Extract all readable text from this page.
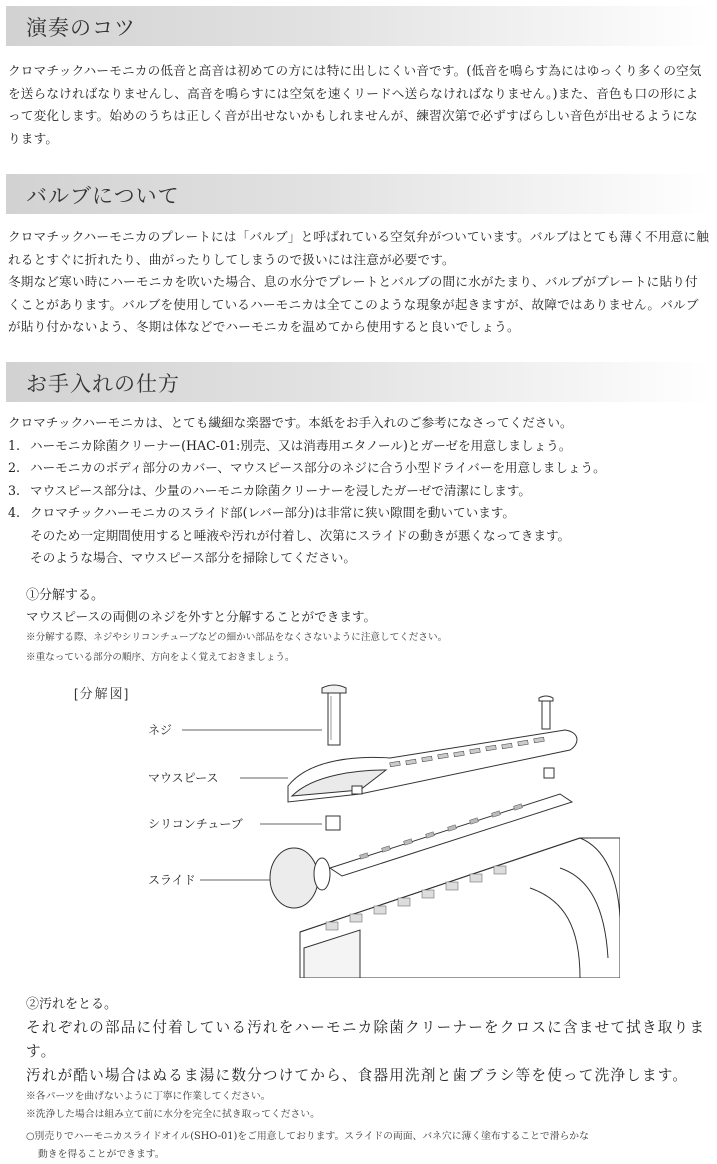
演奏のコツ

クロマチックハーモニカの低音と高音は初めての方には特に出しにくい音です。(低音を鳴らす為にはゆっくり多くの空気を送らなければなりませんし、高音を鳴らすには空気を速くリードへ送らなければなりません。)また、音色も口の形によって変化します。始めのうちは正しく音が出せないかもしれませんが、練習次第で必ずすばらしい音色が出せるようになります。

バルブについて

クロマチックハーモニカのプレートには「バルブ」と呼ばれている空気弁がついています。バルブはとても薄く不用意に触れるとすぐに折れたり、曲がったりしてしまうので扱いには注意が必要です。

冬期など寒い時にハーモニカを吹いた場合、息の水分でプレートとバルブの間に水がたまり、バルブがプレートに貼り付くことがあります。バルブを使用しているハーモニカは全てこのような現象が起きますが、故障ではありません。バルブが貼り付かないよう、冬期は体などでハーモニカを温めてから使用すると良いでしょう。

お手入れの仕方
クロマチックハーモニカは、とても繊細な楽器です。本紙をお手入れのご参考になさってください。
1. ハーモニカ除菌クリーナー(HAC-01:別売、又は消毒用エタノール)とガーゼを用意しましょう。
2. ハーモニカのボディ部分のカバー、マウスピース部分のネジに合う小型ドライバーを用意しましょう。
3. マウスピース部分は、少量のハーモニカ除菌クリーナーを浸したガーゼで清潔にします。
4. クロマチックハーモニカのスライド部(レバー部分)は非常に狭い隙間を動いています。
そのため一定期間使用すると唾液や汚れが付着し、次第にスライドの動きが悪くなってきます。
そのような場合、マウスピース部分を掃除してください。
①分解する。
マウスピースの両側のネジを外すと分解することができます。
※分解する際、ネジやシリコンチューブなどの細かい部品をなくさないように注意してください。
※重なっている部分の順序、方向をよく覚えておきましょう。
[分解図]
ネジ
マウスピース
シリコンチューブ
スライド
②汚れをとる。

それぞれの部品に付着している汚れをハーモニカ除菌クリーナーをクロスに含ませて拭き取ります。

汚れが酷い場合はぬるま湯に数分つけてから、食器用洗剤と歯ブラシ等を使って洗浄します。

※各パーツを曲げないように丁寧に作業してください。

※洗浄した場合は組み立て前に水分を完全に拭き取ってください。

○別売りでハーモニカスライドオイル(SHO-01)をご用意しております。スライドの両面、バネ穴に薄く塗布することで滑らかな

動きを得ることができます。
